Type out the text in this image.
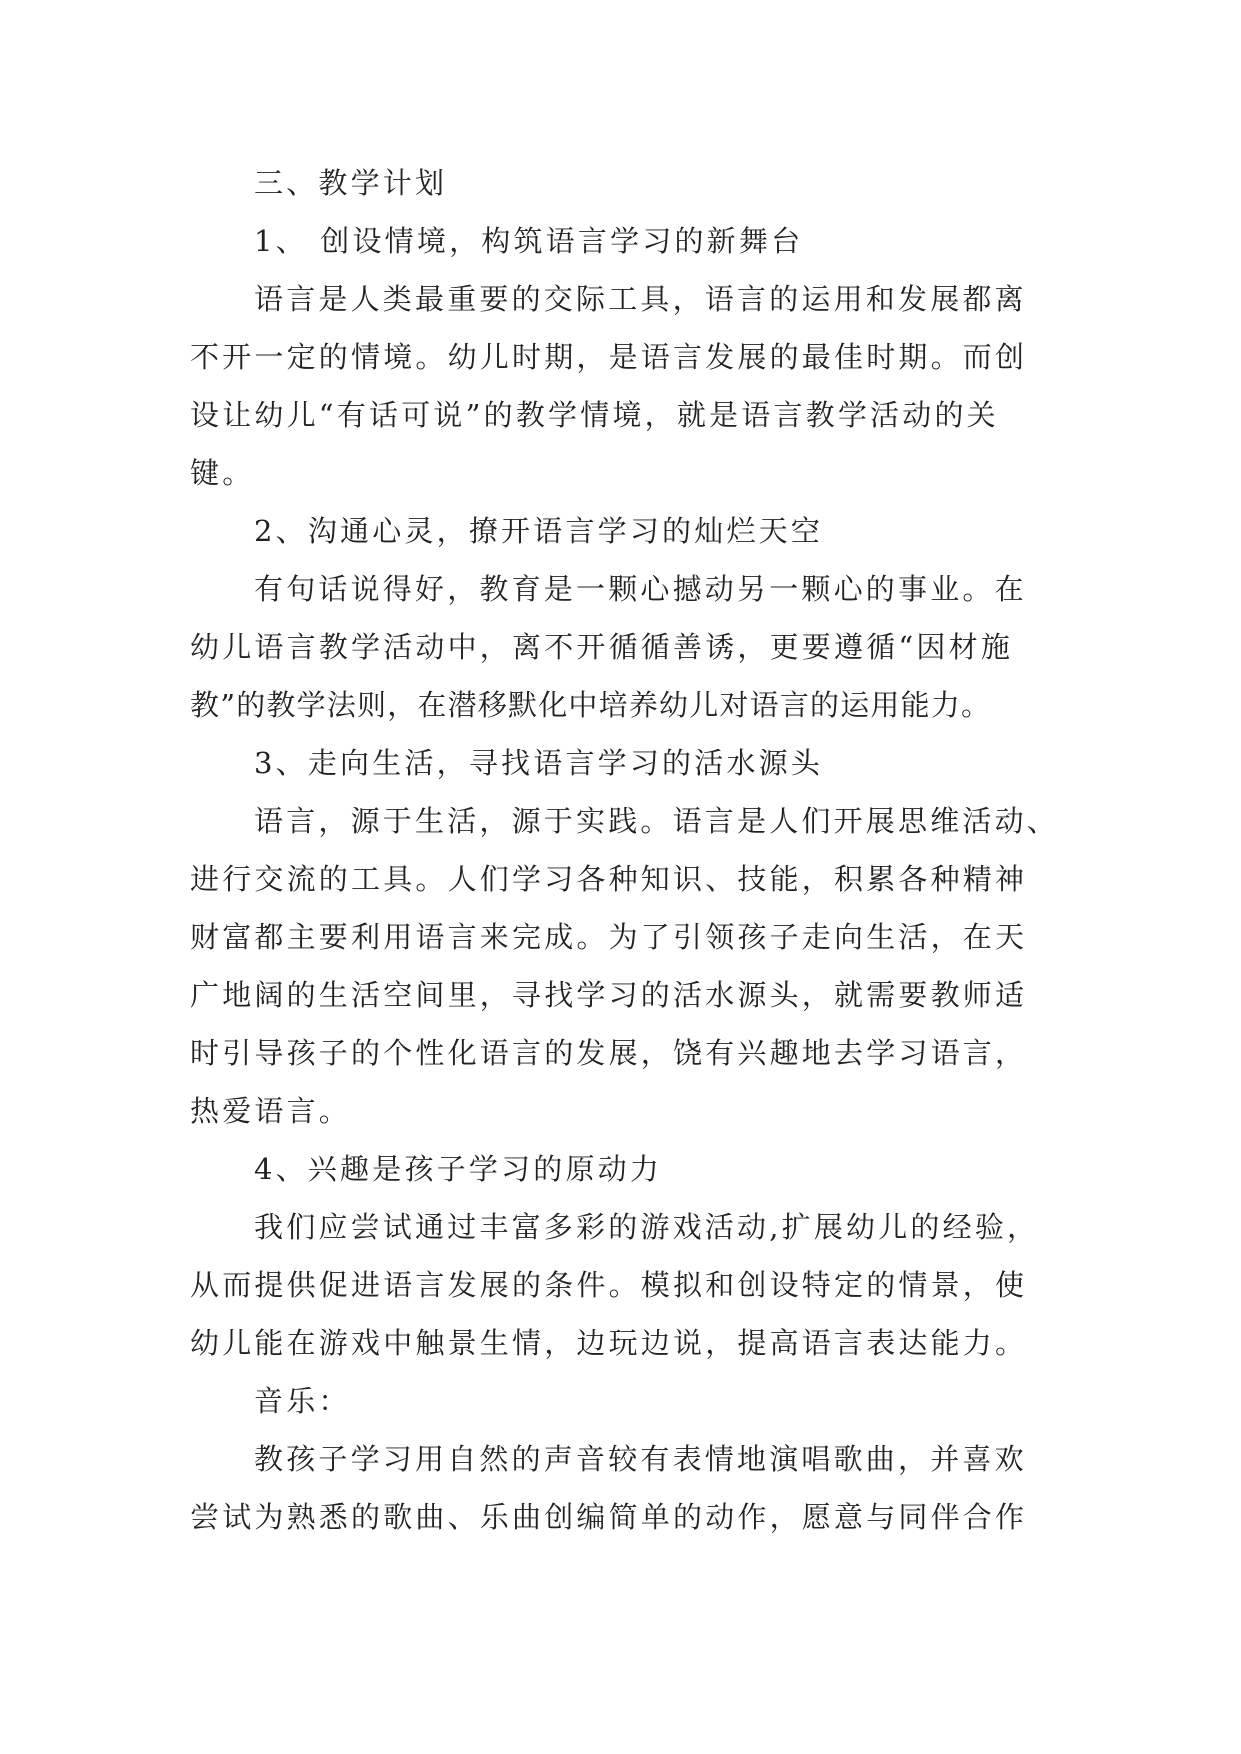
三、教学计划
1、 创设情境，构筑语言学习的新舞台
语言是人类最重要的交际工具，语言的运用和发展都离
不开一定的情境。幼儿时期，是语言发展的最佳时期。而创
设让幼儿“有话可说”的教学情境，就是语言教学活动的关
键。
2、沟通心灵，撩开语言学习的灿烂天空
有句话说得好，教育是一颗心撼动另一颗心的事业。在
幼儿语言教学活动中，离不开循循善诱，更要遵循“因材施
教”的教学法则，在潜移默化中培养幼儿对语言的运用能力。
3、走向生活，寻找语言学习的活水源头
语言，源于生活，源于实践。语言是人们开展思维活动、
进行交流的工具。人们学习各种知识、技能，积累各种精神
财富都主要利用语言来完成。为了引领孩子走向生活，在天
广地阔的生活空间里，寻找学习的活水源头，就需要教师适
时引导孩子的个性化语言的发展，饶有兴趣地去学习语言，
热爱语言。
4、兴趣是孩子学习的原动力
我们应尝试通过丰富多彩的游戏活动,扩展幼儿的经验，
从而提供促进语言发展的条件。模拟和创设特定的情景，使
幼儿能在游戏中触景生情，边玩边说，提高语言表达能力。
音乐：
教孩子学习用自然的声音较有表情地演唱歌曲，并喜欢
尝试为熟悉的歌曲、乐曲创编简单的动作，愿意与同伴合作
